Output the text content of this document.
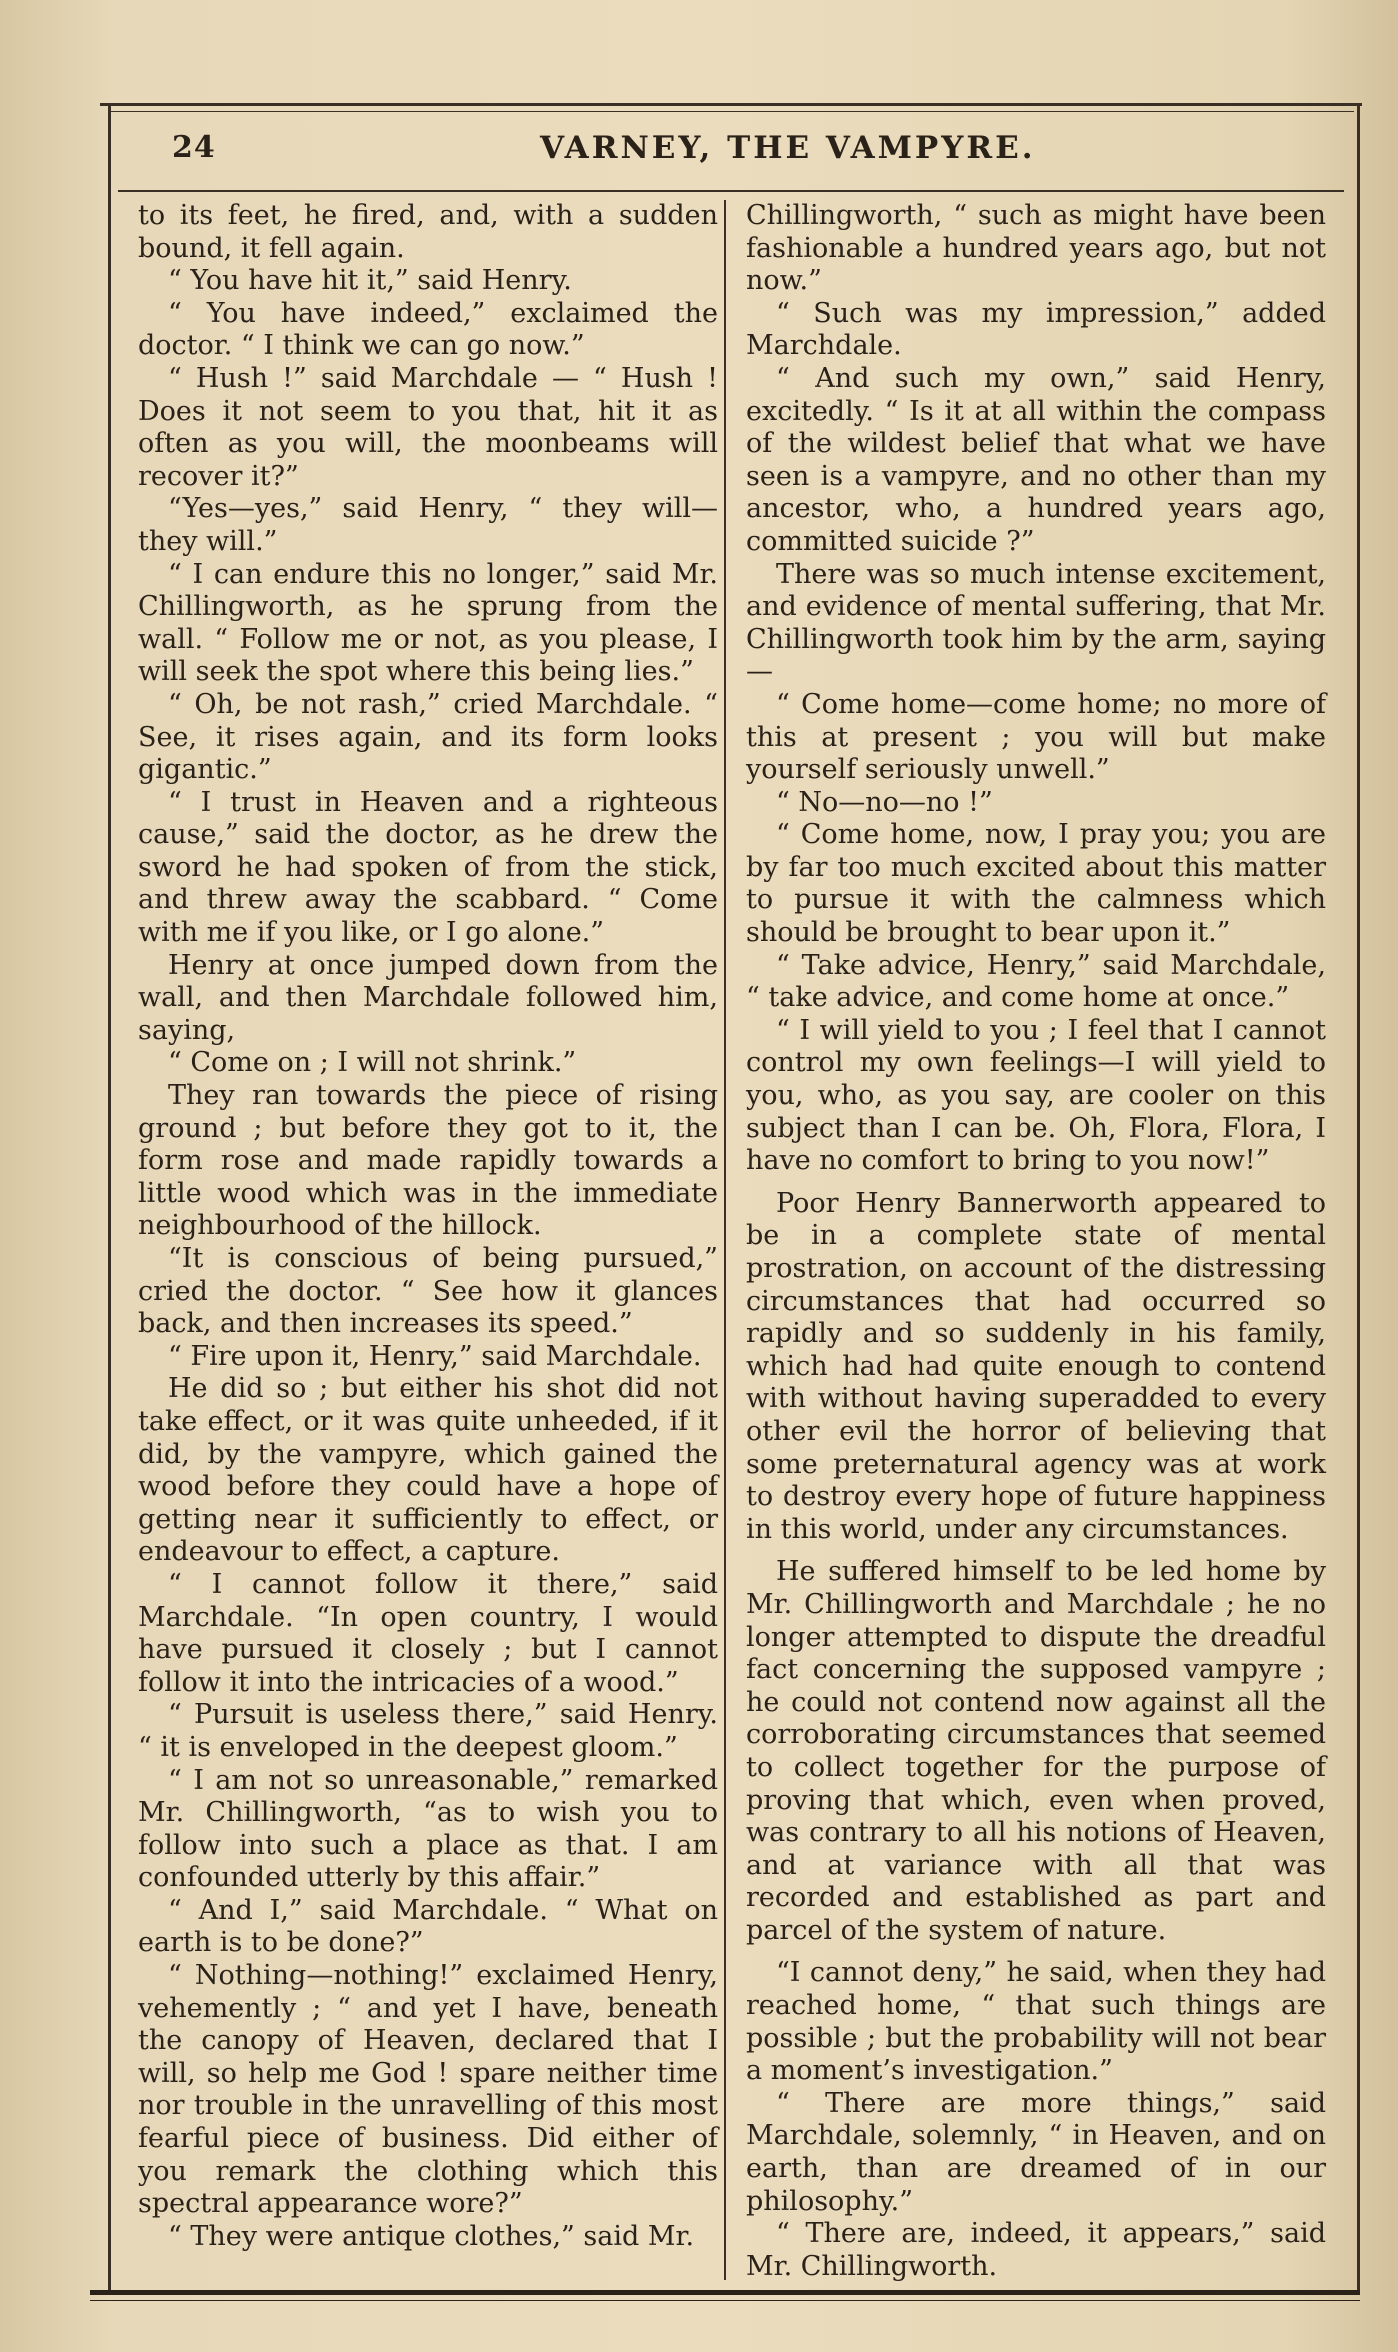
24	VARNEY, THE VAMPYRE.

to its feet, he fired, and, with a sudden bound, it fell again.

“ You have hit it,” said Henry.

“ You have indeed,” exclaimed the doctor. “ I think we can go now.”

“ Hush !” said Marchdale — “ Hush ! Does it not seem to you that, hit it as often as you will, the moonbeams will recover it?”

“Yes—yes,” said Henry, “ they will— they will.”

“ I can endure this no longer,” said Mr. Chillingworth, as he sprung from the wall. “ Follow me or not, as you please, I will seek the spot where this being lies.”

“ Oh, be not rash,” cried Marchdale. “ See, it rises again, and its form looks gigantic.”

“ I trust in Heaven and a righteous cause,” said the doctor, as he drew the sword he had spoken of from the stick, and threw away the scabbard. “ Come with me if you like, or I go alone.”

Henry at once jumped down from the wall, and then Marchdale followed him, saying,

“ Come on ; I will not shrink.”

They ran towards the piece of rising ground ; but before they got to it, the form rose and made rapidly towards a little wood which was in the immediate neighbourhood of the hillock.

“It is conscious of being pursued,” cried the doctor. “ See how it glances back, and then increases its speed.”

“ Fire upon it, Henry,” said Marchdale.

He did so ; but either his shot did not take effect, or it was quite unheeded, if it did, by the vampyre, which gained the wood before they could have a hope of getting near it sufficiently to effect, or endeavour to effect, a capture.

“ I cannot follow it there,” said Marchdale. “In open country, I would have pursued it closely ; but I cannot follow it into the intricacies of a wood.”

“ Pursuit is useless there,” said Henry. “ it is enveloped in the deepest gloom.”

“ I am not so unreasonable,” remarked Mr. Chillingworth, “as to wish you to follow into such a place as that. I am confounded utterly by this affair.”

“ And I,” said Marchdale. “ What on earth is to be done?”

“ Nothing—nothing!” exclaimed Henry, vehemently ; “ and yet I have, beneath the canopy of Heaven, declared that I will, so help me God ! spare neither time nor trouble in the unravelling of this most fearful piece of business. Did either of you remark the clothing which this spectral appearance wore?”

“ They were antique clothes,” said Mr.

Chillingworth, “ such as might have been fashionable a hundred years ago, but not now.”

“ Such was my impression,” added Marchdale.

“ And such my own,” said Henry, excitedly. “ Is it at all within the compass of the wildest belief that what we have seen is a vampyre, and no other than my ancestor, who, a hundred years ago, committed suicide ?”

There was so much intense excitement, and evidence of mental suffering, that Mr. Chillingworth took him by the arm, saying—

“ Come home—come home; no more of this at present ; you will but make yourself seriously unwell.”

“ No—no—no !”

“ Come home, now, I pray you; you are by far too much excited about this matter to pursue it with the calmness which should be brought to bear upon it.”

“ Take advice, Henry,” said Marchdale, “ take advice, and come home at once.”

“ I will yield to you ; I feel that I cannot control my own feelings—I will yield to you, who, as you say, are cooler on this subject than I can be. Oh, Flora, Flora, I have no comfort to bring to you now!”

Poor Henry Bannerworth appeared to be in a complete state of mental prostration, on account of the distressing circumstances that had occurred so rapidly and so suddenly in his family, which had had quite enough to contend with without having superadded to every other evil the horror of believing that some preternatural agency was at work to destroy every hope of future happiness in this world, under any circumstances.

He suffered himself to be led home by Mr. Chillingworth and Marchdale ; he no longer attempted to dispute the dreadful fact concerning the supposed vampyre ; he could not contend now against all the corroborating circumstances that seemed to collect together for the purpose of proving that which, even when proved, was contrary to all his notions of Heaven, and at variance with all that was recorded and established as part and parcel of the system of nature.

“I cannot deny,” he said, when they had reached home, “ that such things are possible ; but the probability will not bear a moment’s investigation.”

“ There are more things,” said Marchdale, solemnly, “ in Heaven, and on earth, than are dreamed of in our philosophy.”

“ There are, indeed, it appears,” said Mr. Chillingworth.
